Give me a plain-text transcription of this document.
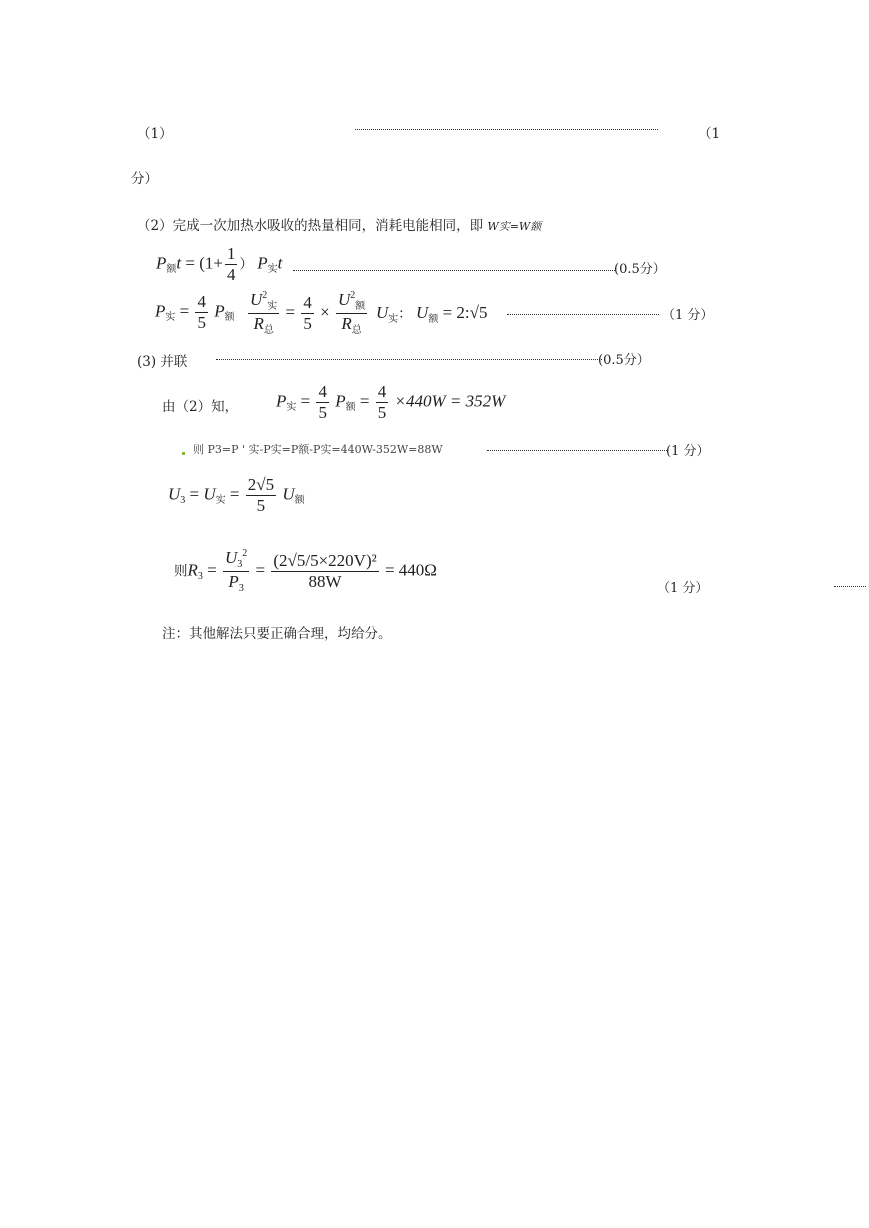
（1）	（1
分）
（2）完成一次加热水吸收的热量相同，消耗电能相同，即 W实=W额
$P_额t = (1+ \frac{1}{4}$ ） $P_实t$	(0.5分）
$P_实 = \frac{4}{5} P_额 \frac{U^2_实}{R_总} = \frac{4}{5} \times \frac{U^2_额}{R_总} U_实$： $U_额$ = 2:√5	（1 分）
(3) 并联	(0.5分）
由（2）知， $P_实 = \frac{4}{5} P_额 = \frac{4}{5} \times 440W = 352W$
则 P3=P ' 实-P实=P额-P实=440W-352W=88W	(1 分）
$U_3 = U_实 = \frac{2√5}{5} U_额$
则$R_3 = \frac{U_3^2}{P_3} = \frac{\text{(2√5/5×220V)²}}{88W} = 440\Omega$
（1 分）
注：其他解法只要正确合理，均给分。
